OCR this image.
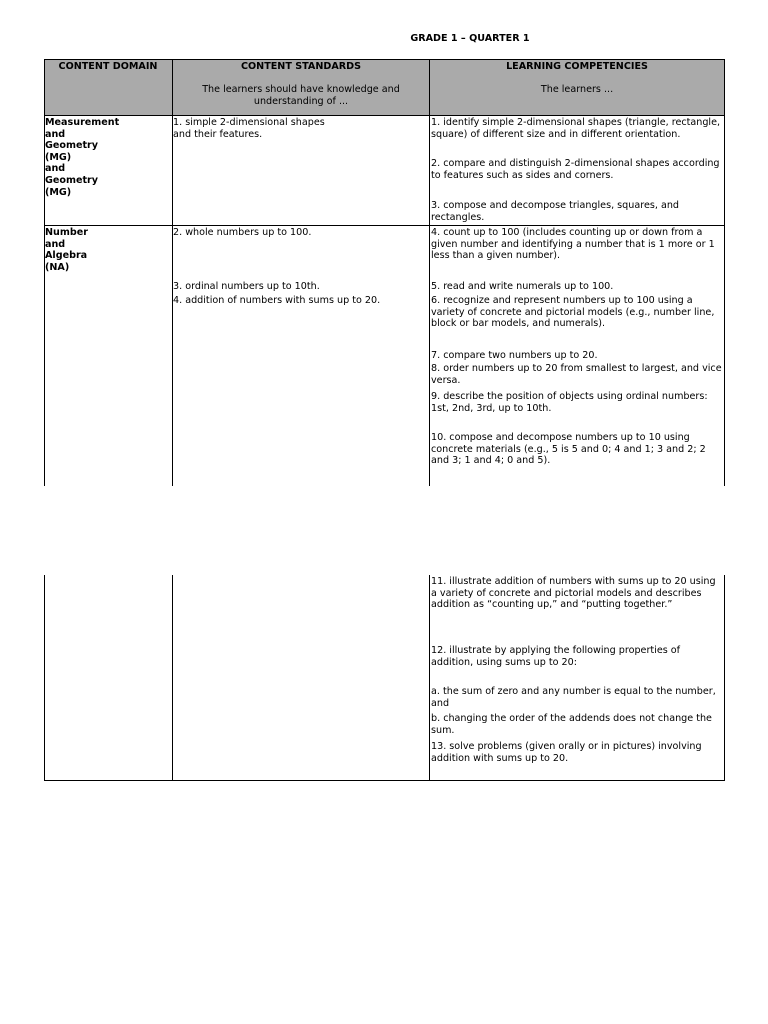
GRADE 1 – QUARTER 1
CONTENT DOMAIN	CONTENT STANDARDS
The learners should have knowledge and understanding of ...
LEARNING COMPETENCIES
The learners ...
Measurement
and
Geometry
(MG)
and
Geometry
(MG)
1. simple 2-dimensional shapes and their features.
1. identify simple 2-dimensional shapes (triangle, rectangle, square) of different size and in different orientation.
2. compare and distinguish 2-dimensional shapes according to features such as sides and corners.
3. compose and decompose triangles, squares, and rectangles.
Number
and
Algebra
(NA)
2. whole numbers up to 100.
3. ordinal numbers up to 10th.
4. addition of numbers with sums up to 20.
4. count up to 100 (includes counting up or down from a given number and identifying a number that is 1 more or 1 less than a given number).
5. read and write numerals up to 100.
6. recognize and represent numbers up to 100 using a variety of concrete and pictorial models (e.g., number line, block or bar models, and numerals).
7. compare two numbers up to 20.
8. order numbers up to 20 from smallest to largest, and vice versa.
9. describe the position of objects using ordinal numbers: 1st, 2nd, 3rd, up to 10th.
10. compose and decompose numbers up to 10 using concrete materials (e.g., 5 is 5 and 0; 4 and 1; 3 and 2; 2 and 3; 1 and 4; 0 and 5).
11. illustrate addition of numbers with sums up to 20 using a variety of concrete and pictorial models and describes addition as “counting up,” and “putting together.”
12. illustrate by applying the following properties of addition, using sums up to 20:
a. the sum of zero and any number is equal to the number, and
b. changing the order of the addends does not change the sum.
13. solve problems (given orally or in pictures) involving addition with sums up to 20.
